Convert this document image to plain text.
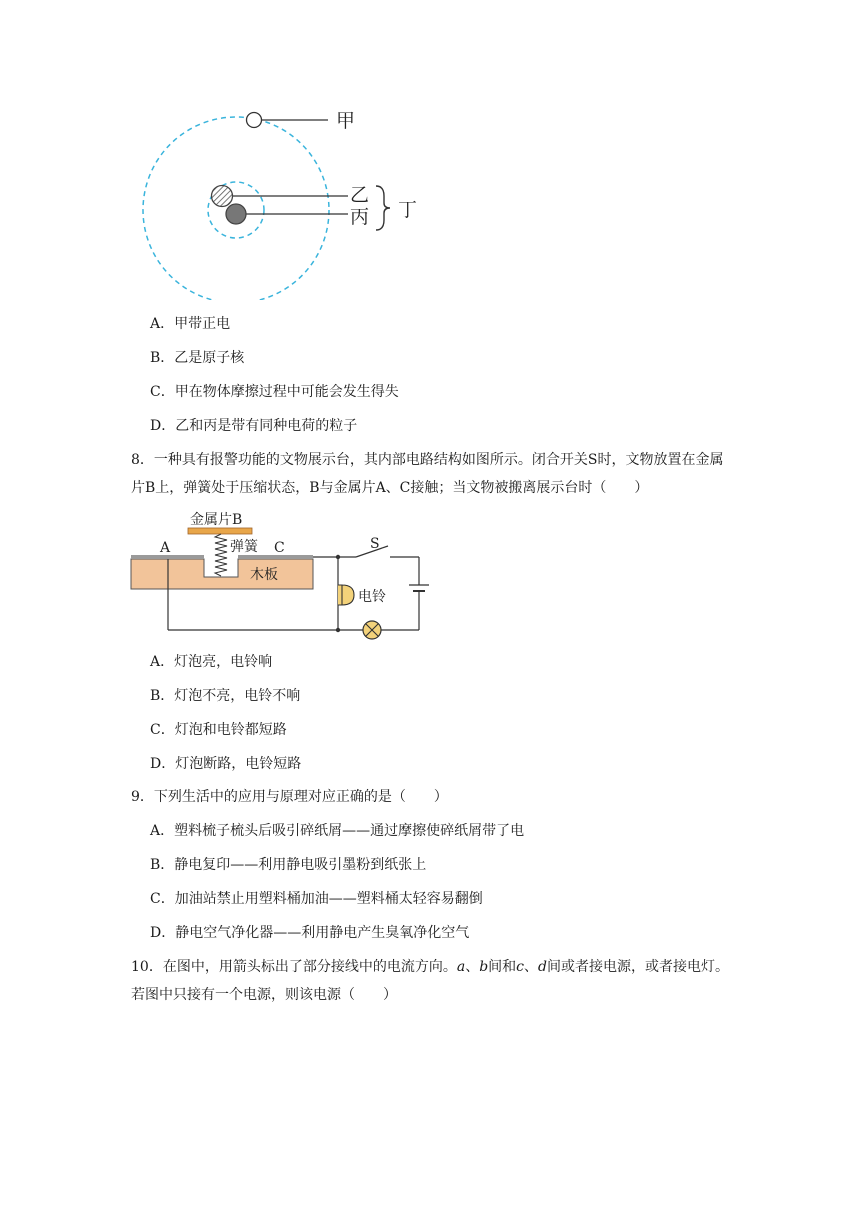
甲
乙
丙 丁
A．甲带正电
B．乙是原子核
C．甲在物体摩擦过程中可能会发生得失
D．乙和丙是带有同种电荷的粒子
8．一种具有报警功能的文物展示台，其内部电路结构如图所示。闭合开关S时，文物放置在金属片B上，弹簧处于压缩状态，B与金属片A、C接触；当文物被搬离展示台时（　　）
金属片B
弹簧
A	C
木板
S
电铃
A．灯泡亮，电铃响
B．灯泡不亮，电铃不响
C．灯泡和电铃都短路
D．灯泡断路，电铃短路
9．下列生活中的应用与原理对应正确的是（　　）
A．塑料梳子梳头后吸引碎纸屑——通过摩擦使碎纸屑带了电
B．静电复印——利用静电吸引墨粉到纸张上
C．加油站禁止用塑料桶加油——塑料桶太轻容易翻倒
D．静电空气净化器——利用静电产生臭氧净化空气
10．在图中，用箭头标出了部分接线中的电流方向。a、b间和c、d间或者接电源，或者接电灯。若图中只接有一个电源，则该电源（　　）
